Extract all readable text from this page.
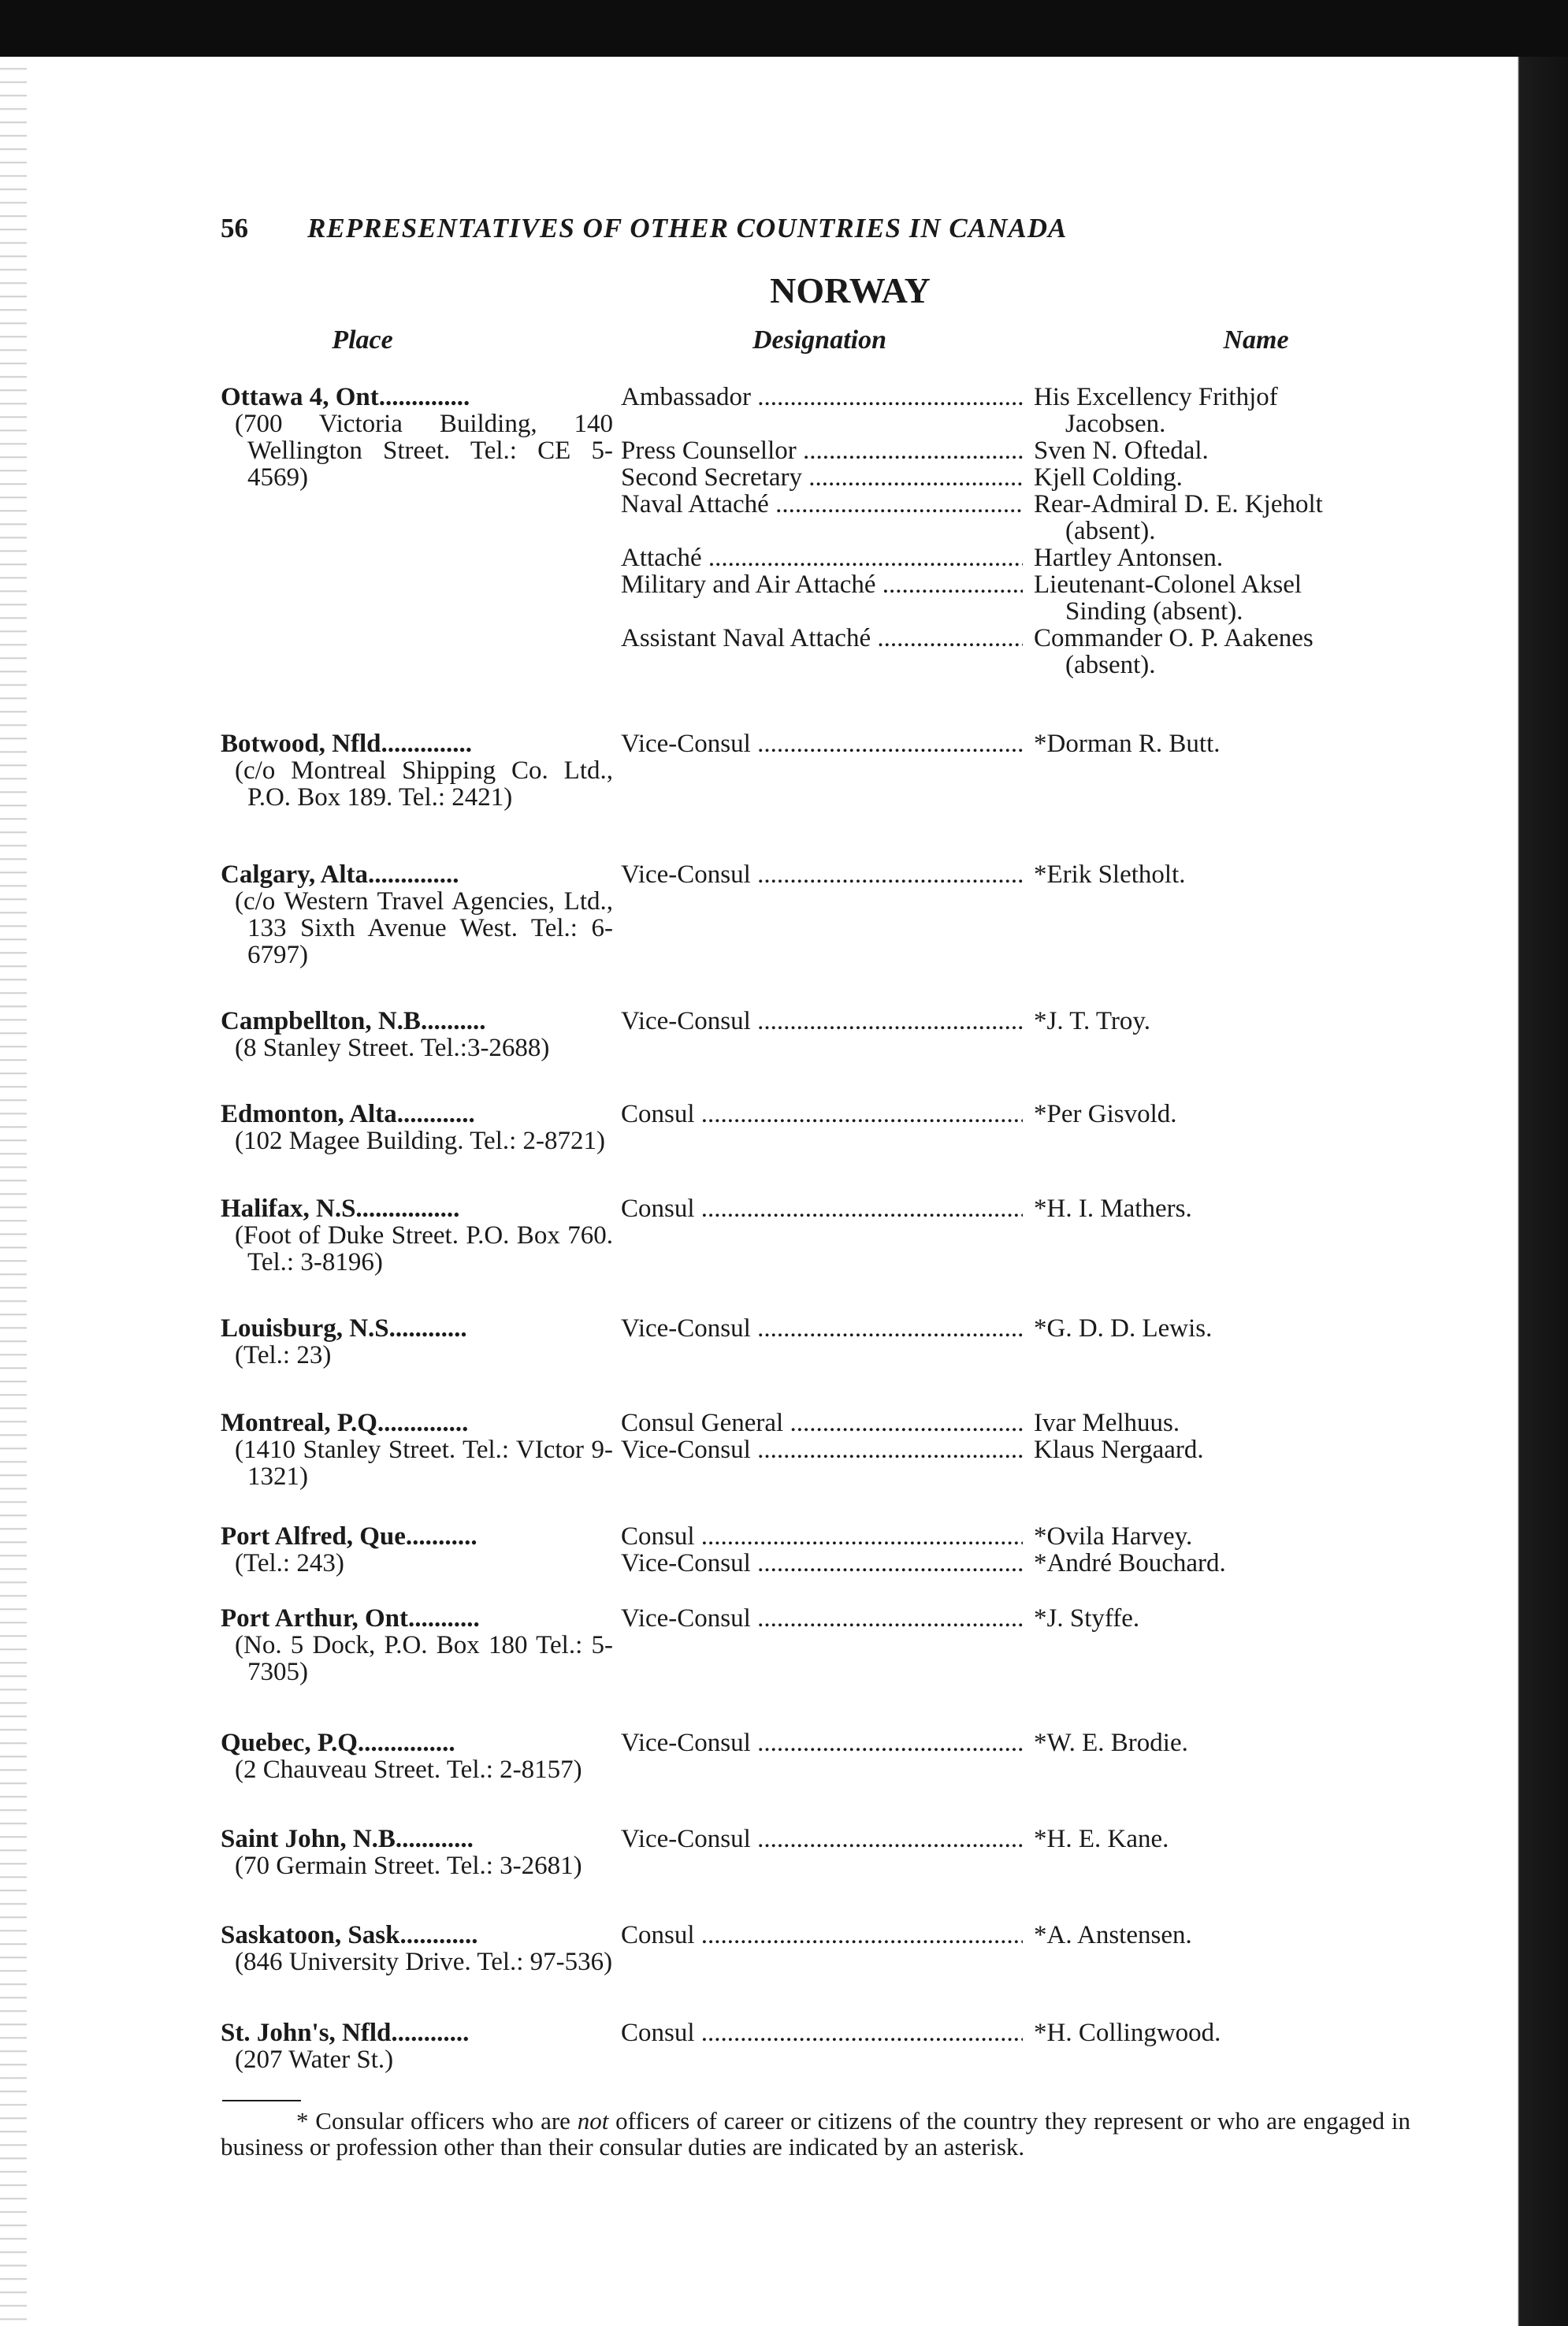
56	REPRESENTATIVES OF OTHER COUNTRIES IN CANADA
NORWAY
Place	Designation	Name
Ottawa 4, Ont..............
(700 Victoria Building, 140 Wellington Street. Tel.: CE 5-4569)
Ambassador .....	His Excellency Frithjof
Jacobsen.
Press Counsellor .....	Sven N. Oftedal.
Second Secretary .....	Kjell Colding.
Naval Attaché .....	Rear-Admiral D. E. Kjeholt
(absent).
Attaché .....	Hartley Antonsen.
Military and Air Attaché .....	Lieutenant-Colonel Aksel
Sinding (absent).
Assistant Naval Attaché .....	Commander O. P. Aakenes
(absent).
Botwood, Nfld..............
(c/o Montreal Shipping Co. Ltd., P.O. Box 189. Tel.: 2421)
Vice-Consul .....	*Dorman R. Butt.
Calgary, Alta..............
(c/o Western Travel Agencies, Ltd., 133 Sixth Avenue West. Tel.: 6-6797)
Vice-Consul .....	*Erik Sletholt.
Campbellton, N.B..........
(8 Stanley Street. Tel.:3-2688)
Vice-Consul .....	*J. T. Troy.
Edmonton, Alta............
(102 Magee Building. Tel.: 2-8721)
Consul .....	*Per Gisvold.
Halifax, N.S................
(Foot of Duke Street. P.O. Box 760. Tel.: 3-8196)
Consul .....	*H. I. Mathers.
Louisburg, N.S............
(Tel.: 23)
Vice-Consul .....	*G. D. D. Lewis.
Montreal, P.Q..............
(1410 Stanley Street. Tel.: VIctor 9-1321)
Consul General .....	Ivar Melhuus.
Vice-Consul .....	Klaus Nergaard.
Port Alfred, Que...........
(Tel.: 243)
Consul .....	*Ovila Harvey.
Vice-Consul .....	*André Bouchard.
Port Arthur, Ont...........
(No. 5 Dock, P.O. Box 180 Tel.: 5-7305)
Vice-Consul .....	*J. Styffe.
Quebec, P.Q...............
(2 Chauveau Street. Tel.: 2-8157)
Vice-Consul .....	*W. E. Brodie.
Saint John, N.B............
(70 Germain Street. Tel.: 3-2681)
Vice-Consul .....	*H. E. Kane.
Saskatoon, Sask............
(846 University Drive. Tel.: 97-536)
Consul .....	*A. Anstensen.
St. John's, Nfld............
(207 Water St.)
Consul .....	*H. Collingwood.
* Consular officers who are not officers of career or citizens of the country they represent or who are engaged in business or profession other than their consular duties are indicated by an asterisk.
